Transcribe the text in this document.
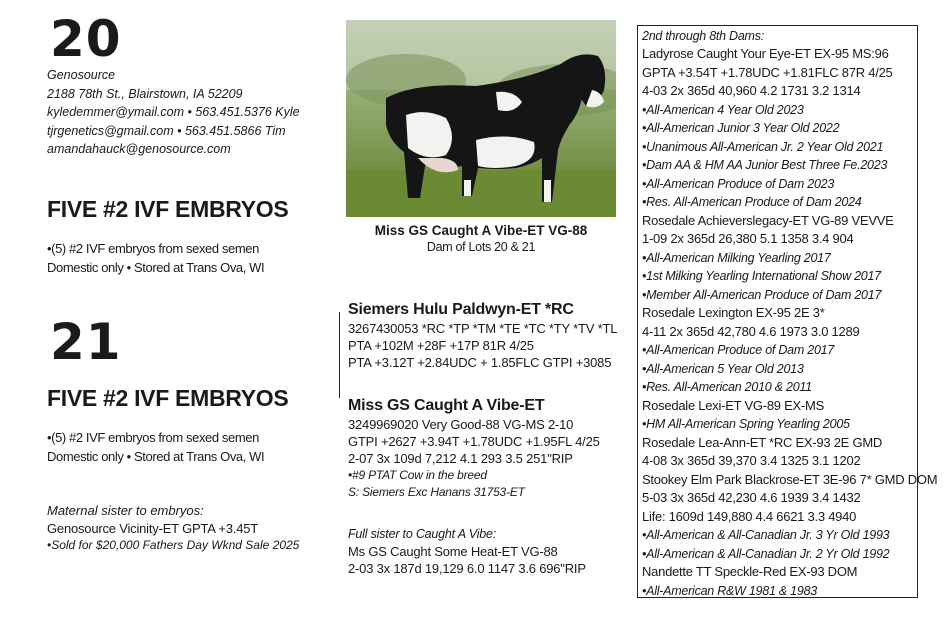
20
Genosource
2188 78th St., Blairstown, IA 52209
kyledemmer@ymail.com • 563.451.5376 Kyle
tjrgenetics@gmail.com • 563.451.5866 Tim
amandahauck@genosource.com
FIVE #2 IVF EMBRYOS
•(5) #2 IVF embryos from sexed semen
Domestic only • Stored at Trans Ova, WI
21
FIVE #2 IVF EMBRYOS
•(5) #2 IVF embryos from sexed semen
Domestic only • Stored at Trans Ova, WI
Maternal sister to embryos:
Genosource Vicinity-ET GPTA +3.45T
•Sold for $20,000 Fathers Day Wknd Sale 2025
Miss GS Caught A Vibe-ET VG-88
Dam of Lots 20 & 21
Siemers Hulu Paldwyn-ET *RC
3267430053 *RC *TP *TM *TE *TC *TY *TV *TL
PTA +102M +28F +17P 81R 4/25
PTA +3.12T +2.84UDC + 1.85FLC GTPI +3085
Miss GS Caught A Vibe-ET
3249969020 Very Good-88 VG-MS 2-10
GTPI +2627 +3.94T +1.78UDC +1.95FL 4/25
2-07 3x 109d 7,212 4.1 293 3.5 251"RIP
•#9 PTAT Cow in the breed
S: Siemers Exc Hanans 31753-ET
Full sister to Caught A Vibe:
Ms GS Caught Some Heat-ET VG-88
2-03 3x 187d 19,129 6.0 1147 3.6 696"RIP
2nd through 8th Dams:
Ladyrose Caught Your Eye-ET EX-95 MS:96
GPTA +3.54T +1.78UDC +1.81FLC 87R 4/25
4-03 2x 365d 40,960 4.2 1731 3.2 1314
•All-American 4 Year Old 2023
•All-American Junior 3 Year Old 2022
•Unanimous All-American Jr. 2 Year Old 2021
•Dam AA & HM AA Junior Best Three Fe.2023
•All-American Produce of Dam 2023
•Res. All-American Produce of Dam 2024
Rosedale Achieverslegacy-ET VG-89 VEVVE
1-09 2x 365d 26,380 5.1 1358 3.4 904
•All-American Milking Yearling 2017
•1st Milking Yearling International Show 2017
•Member All-American Produce of Dam 2017
Rosedale Lexington EX-95 2E 3*
4-11 2x 365d 42,780 4.6 1973 3.0 1289
•All-American Produce of Dam 2017
•All-American 5 Year Old 2013
•Res. All-American 2010 & 2011
Rosedale Lexi-ET VG-89 EX-MS
•HM All-American Spring Yearling 2005
Rosedale Lea-Ann-ET *RC EX-93 2E GMD
4-08 3x 365d 39,370 3.4 1325 3.1 1202
Stookey Elm Park Blackrose-ET 3E-96 7* GMD DOM
5-03 3x 365d 42,230 4.6 1939 3.4 1432
Life: 1609d 149,880 4.4 6621 3.3 4940
•All-American & All-Canadian Jr. 3 Yr Old 1993
•All-American & All-Canadian Jr. 2 Yr Old 1992
Nandette TT Speckle-Red EX-93 DOM
•All-American R&W 1981 & 1983
